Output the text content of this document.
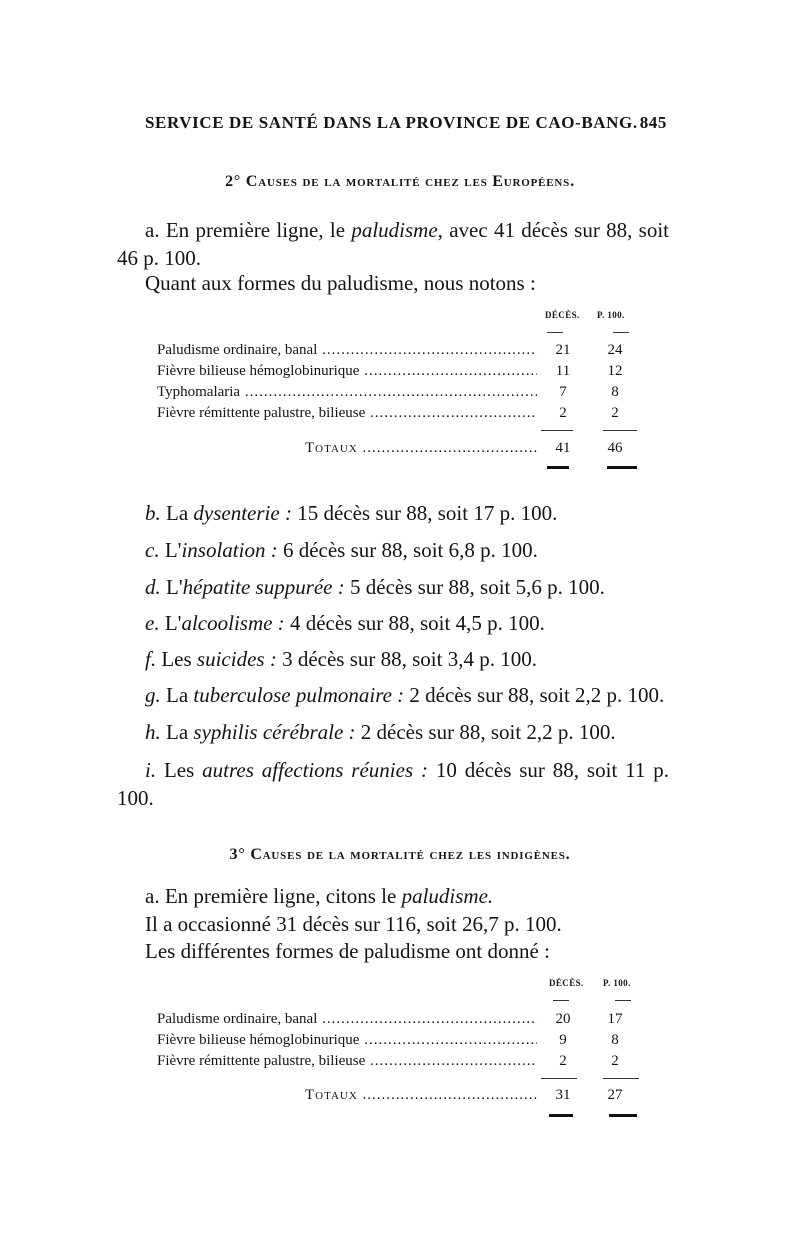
SERVICE DE SANTÉ DANS LA PROVINCE DE CAO-BANG. 845
2° Causes de la mortalité chez les Européens.
a. En première ligne, le paludisme, avec 41 décès sur 88, soit 46 p. 100.
Quant aux formes du paludisme, nous notons :
DÉCÈS. P. 100.
Paludisme ordinaire, banal .....	21	24
Fièvre bilieuse hémoglobinurique .....	11	12
Typhomalaria .....	7	8
Fièvre rémittente palustre, bilieuse .....	2	2
Totaux .....	41	46
b. La dysenterie : 15 décès sur 88, soit 17 p. 100.
c. L'insolation : 6 décès sur 88, soit 6,8 p. 100.
d. L'hépatite suppurée : 5 décès sur 88, soit 5,6 p. 100.
e. L'alcoolisme : 4 décès sur 88, soit 4,5 p. 100.
f. Les suicides : 3 décès sur 88, soit 3,4 p. 100.
g. La tuberculose pulmonaire : 2 décès sur 88, soit 2,2 p. 100.
h. La syphilis cérébrale : 2 décès sur 88, soit 2,2 p. 100.
i. Les autres affections réunies : 10 décès sur 88, soit 11 p. 100.
3° Causes de la mortalité chez les indigènes.
a. En première ligne, citons le paludisme.
Il a occasionné 31 décès sur 116, soit 26,7 p. 100.
Les différentes formes de paludisme ont donné :
DÉCÈS. P. 100.
Paludisme ordinaire, banal .....	20	17
Fièvre bilieuse hémoglobinurique .....	9	8
Fièvre rémittente palustre, bilieuse .....	2	2
Totaux .....	31	27
